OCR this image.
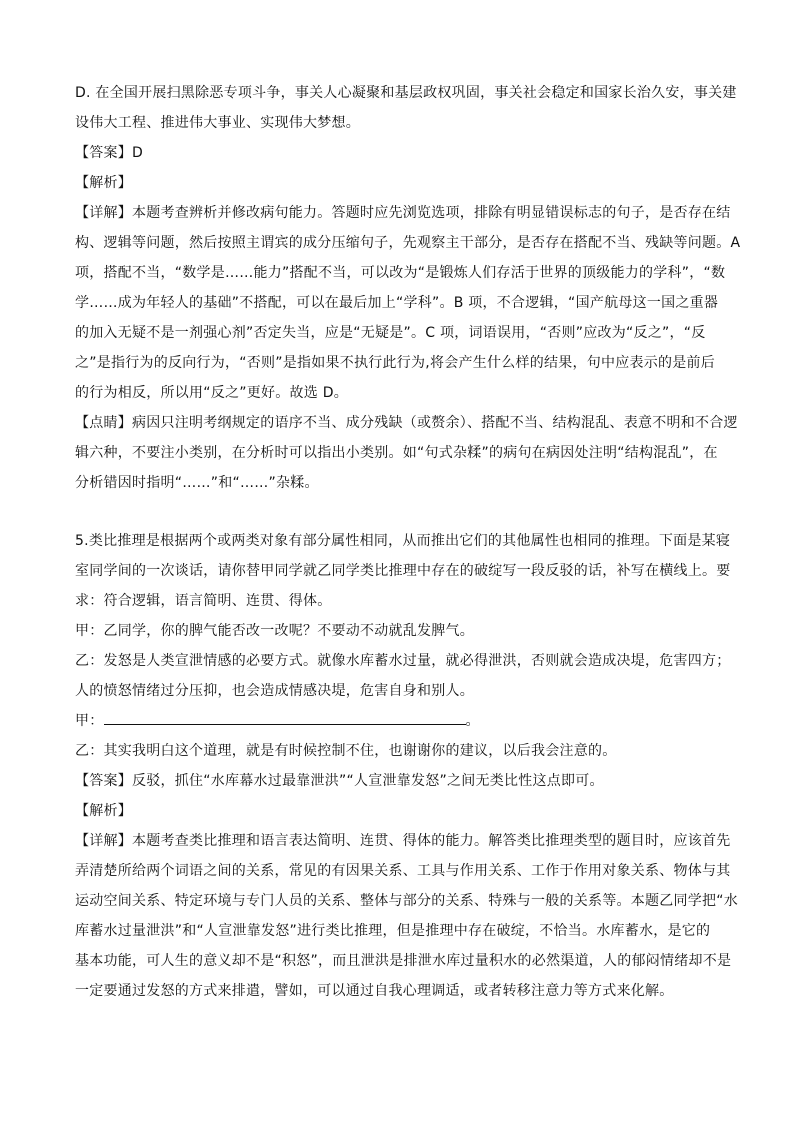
D. 在全国开展扫黑除恶专项斗争，事关人心凝聚和基层政权巩固，事关社会稳定和国家长治久安，事关建
设伟大工程、推进伟大事业、实现伟大梦想。
【答案】D
【解析】
【详解】本题考查辨析并修改病句能力。答题时应先浏览选项，排除有明显错误标志的句子，是否存在结
构、逻辑等问题，然后按照主谓宾的成分压缩句子，先观察主干部分，是否存在搭配不当、残缺等问题。A
项，搭配不当，“数学是……能力”搭配不当，可以改为“是锻炼人们存活于世界的顶级能力的学科”，“数
学……成为年轻人的基础”不搭配，可以在最后加上“学科”。B 项，不合逻辑，“国产航母这一国之重器
的加入无疑不是一剂强心剂”否定失当，应是“无疑是”。C 项，词语误用，“否则”应改为“反之”，“反
之”是指行为的反向行为，“否则”是指如果不执行此行为,将会产生什么样的结果，句中应表示的是前后
的行为相反，所以用“反之”更好。故选 D。
【点睛】病因只注明考纲规定的语序不当、成分残缺（或赘余）、搭配不当、结构混乱、表意不明和不合逻
辑六种，不要注小类别，在分析时可以指出小类别。如“句式杂糅”的病句在病因处注明“结构混乱”，在
分析错因时指明“……”和“……”杂糅。
5.类比推理是根据两个或两类对象有部分属性相同，从而推出它们的其他属性也相同的推理。下面是某寝
室同学间的一次谈话，请你替甲同学就乙同学类比推理中存在的破绽写一段反驳的话，补写在横线上。要
求：符合逻辑，语言简明、连贯、得体。
甲：乙同学，你的脾气能否改一改呢？不要动不动就乱发脾气。
乙：发怒是人类宣泄情感的必要方式。就像水库蓄水过量，就必得泄洪，否则就会造成决堤，危害四方；
人的愤怒情绪过分压抑，也会造成情感决堤，危害自身和别人。
甲：	。
乙：其实我明白这个道理，就是有时候控制不住，也谢谢你的建议，以后我会注意的。
【答案】反驳，抓住“水库幕水过最靠泄洪”“人宣泄靠发怒”之间无类比性这点即可。
【解析】
【详解】本题考查类比推理和语言表达简明、连贯、得体的能力。解答类比推理类型的题目时，应该首先
弄清楚所给两个词语之间的关系，常见的有因果关系、工具与作用关系、工作于作用对象关系、物体与其
运动空间关系、特定环境与专门人员的关系、整体与部分的关系、特殊与一般的关系等。本题乙同学把“水
库蓄水过量泄洪”和“人宣泄靠发怒”进行类比推理，但是推理中存在破绽，不恰当。水库蓄水，是它的
基本功能，可人生的意义却不是“积怒”，而且泄洪是排泄水库过量积水的必然渠道，人的郁闷情绪却不是
一定要通过发怒的方式来排遣，譬如，可以通过自我心理调适，或者转移注意力等方式来化解。
